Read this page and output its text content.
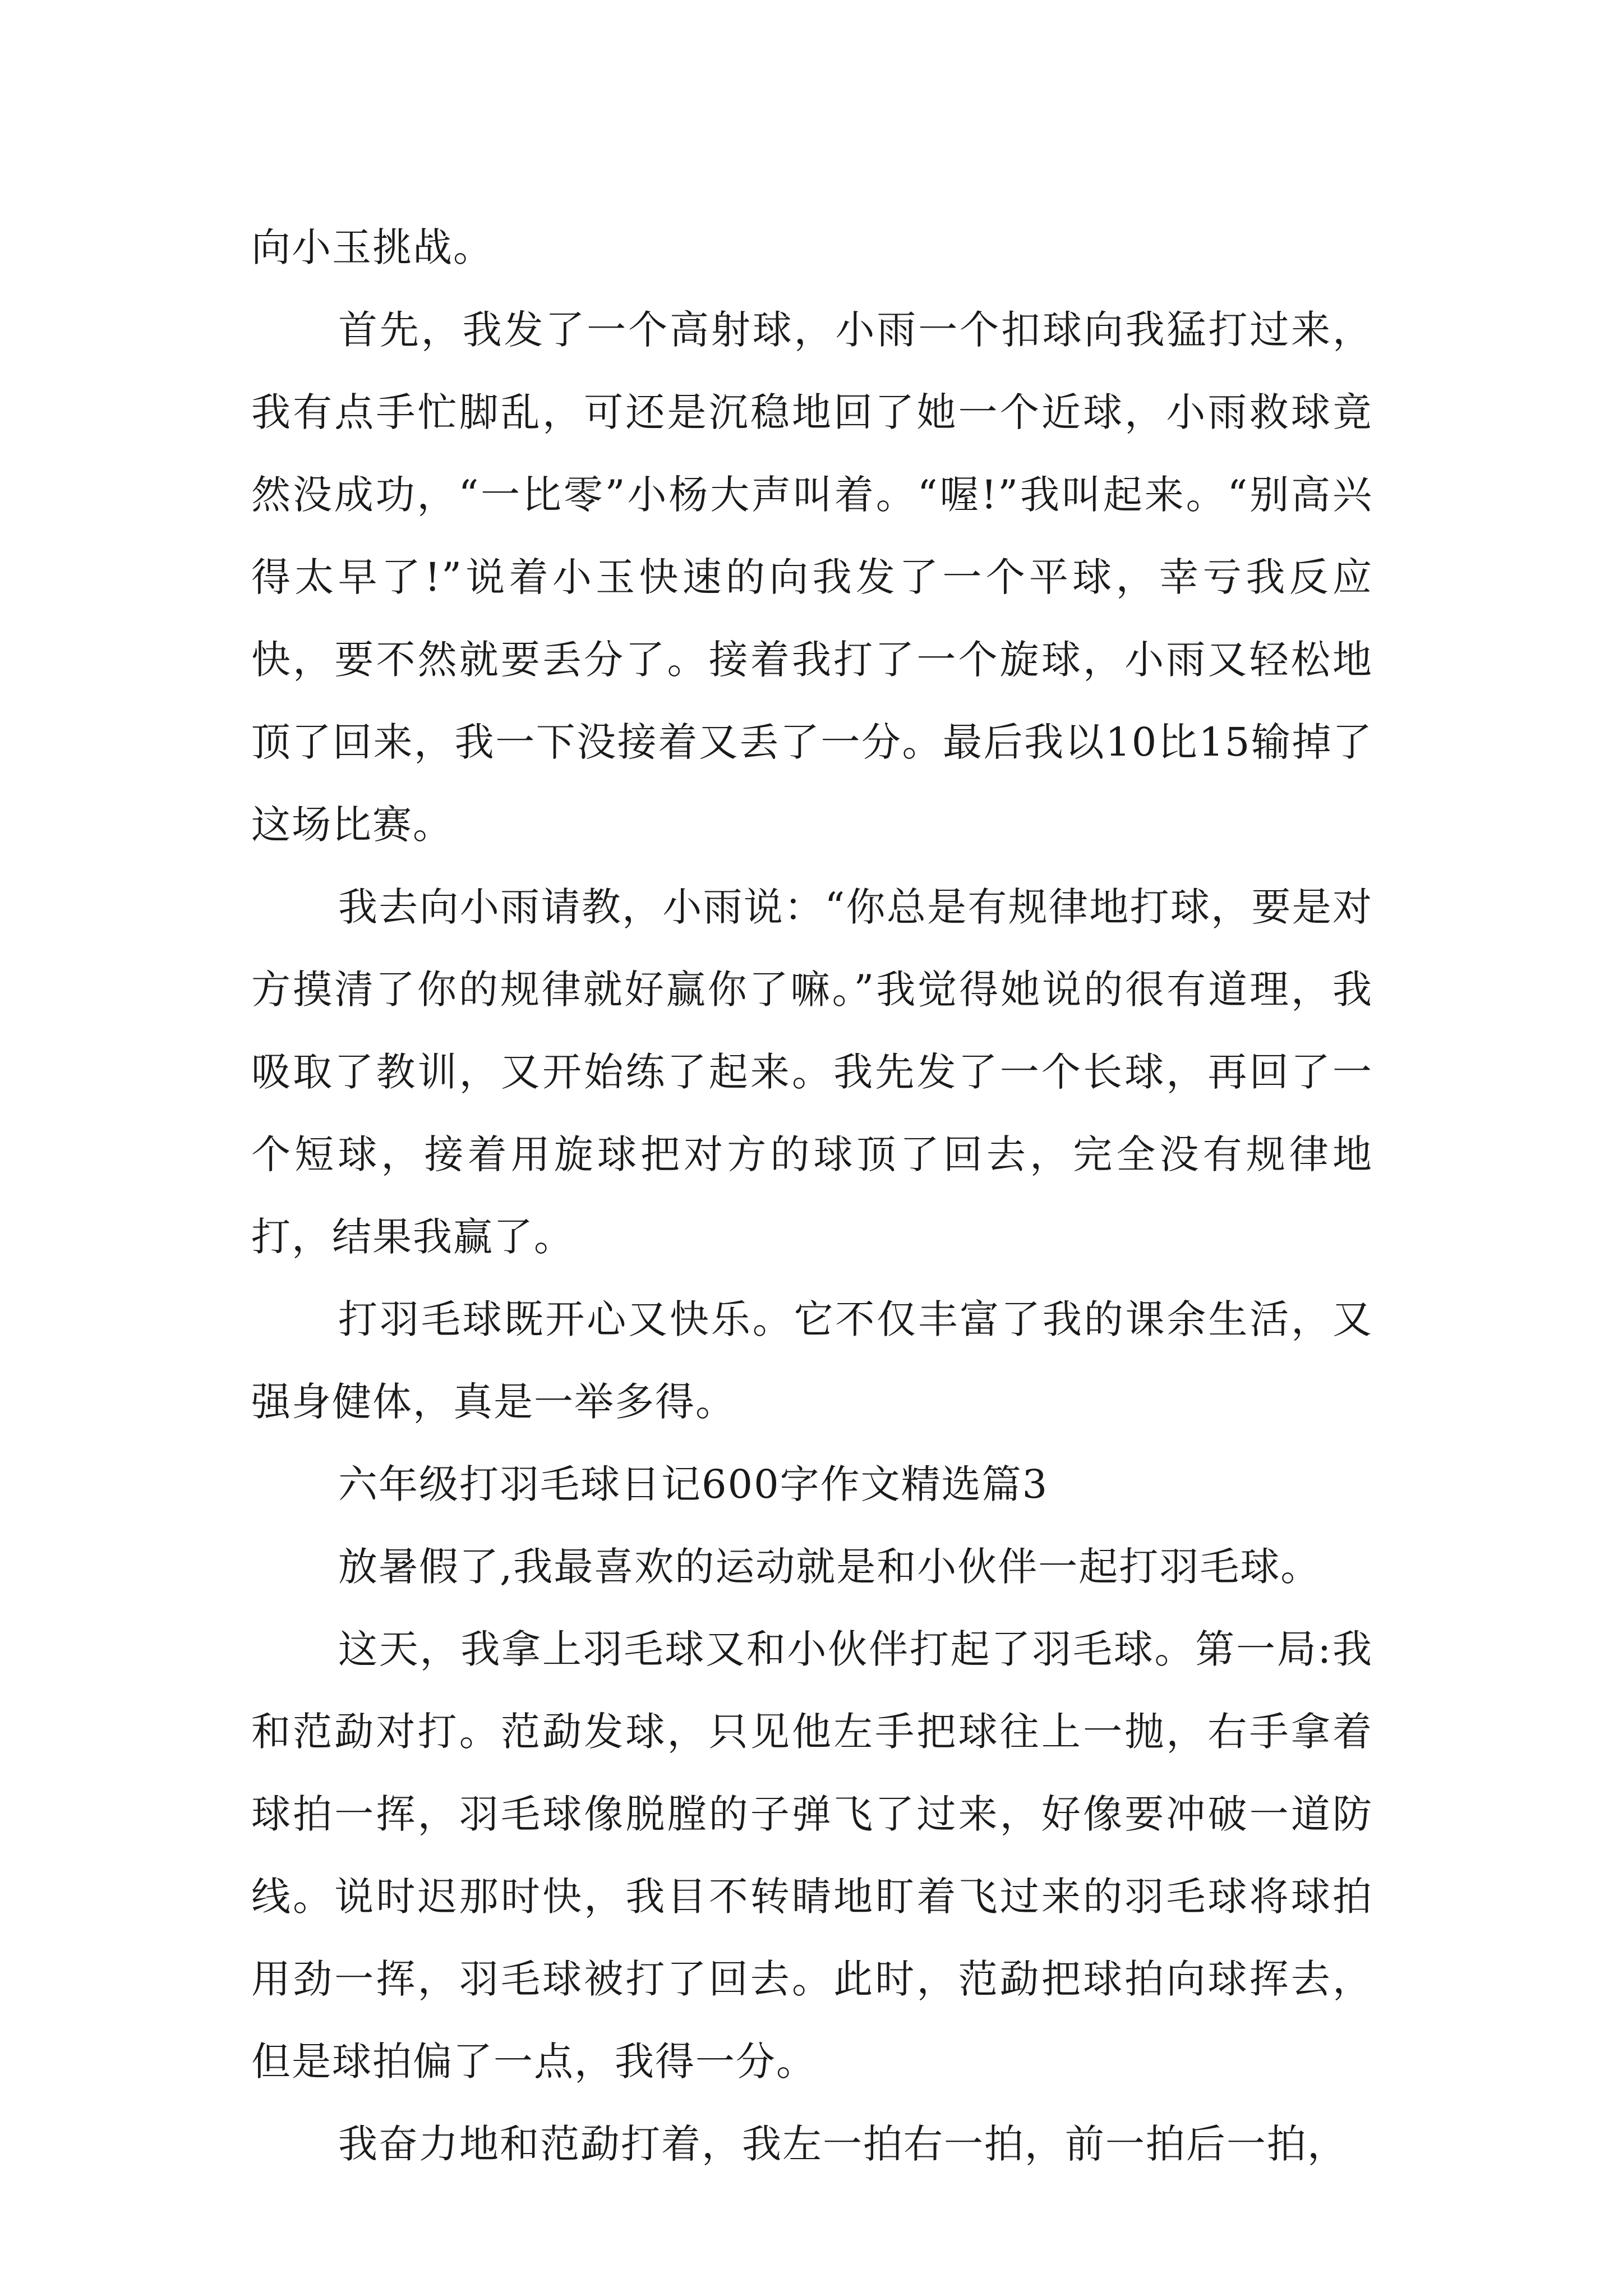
向小玉挑战。

首先，我发了一个高射球，小雨一个扣球向我猛打过来，我有点手忙脚乱，可还是沉稳地回了她一个近球，小雨救球竟然没成功，“一比零”小杨大声叫着。“喔!”我叫起来。“别高兴得太早了!”说着小玉快速的向我发了一个平球，幸亏我反应快，要不然就要丢分了。接着我打了一个旋球，小雨又轻松地顶了回来，我一下没接着又丢了一分。最后我以10比15输掉了这场比赛。

我去向小雨请教，小雨说：“你总是有规律地打球，要是对方摸清了你的规律就好赢你了嘛。”我觉得她说的很有道理，我吸取了教训，又开始练了起来。我先发了一个长球，再回了一个短球，接着用旋球把对方的球顶了回去，完全没有规律地打，结果我赢了。

打羽毛球既开心又快乐。它不仅丰富了我的课余生活，又强身健体，真是一举多得。

六年级打羽毛球日记600字作文精选篇3

放暑假了,我最喜欢的运动就是和小伙伴一起打羽毛球。

这天，我拿上羽毛球又和小伙伴打起了羽毛球。第一局:我和范勐对打。范勐发球，只见他左手把球往上一抛，右手拿着球拍一挥，羽毛球像脱膛的子弹飞了过来，好像要冲破一道防线。说时迟那时快，我目不转睛地盯着飞过来的羽毛球将球拍用劲一挥，羽毛球被打了回去。此时，范勐把球拍向球挥去，但是球拍偏了一点，我得一分。

我奋力地和范勐打着，我左一拍右一拍，前一拍后一拍，
